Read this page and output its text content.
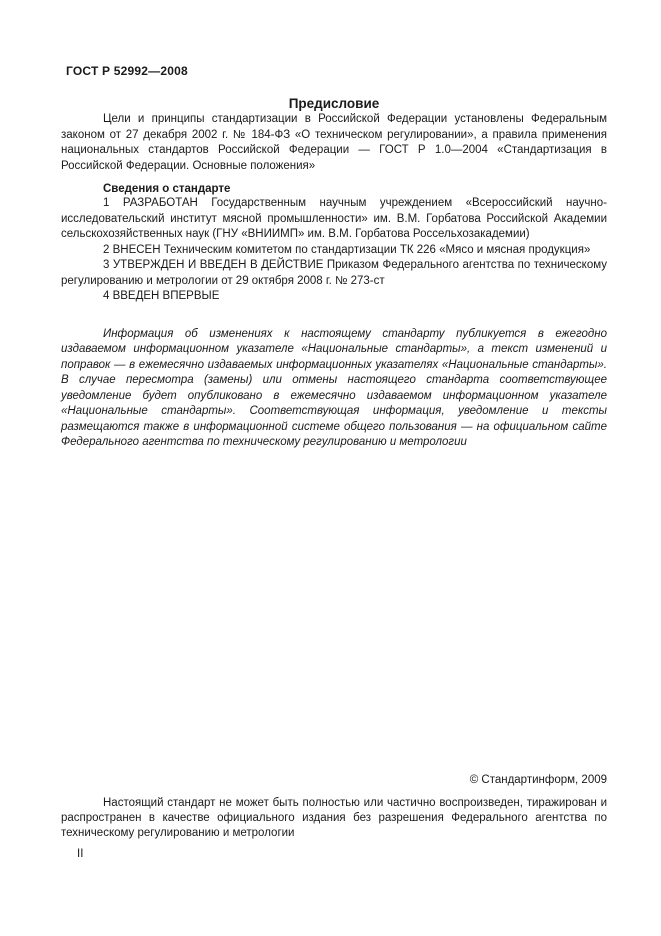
ГОСТ Р 52992—2008
Предисловие

Цели и принципы стандартизации в Российской Федерации установлены Федеральным законом от 27 декабря 2002 г. № 184-ФЗ «О техническом регулировании», а правила применения национальных стандартов Российской Федерации — ГОСТ Р 1.0—2004 «Стандартизация в Российской Федерации. Основные положения»

Сведения о стандарте

1 РАЗРАБОТАН Государственным научным учреждением «Всероссийский научно-исследовательский институт мясной промышленности» им. В.М. Горбатова Российской Академии сельскохозяйственных наук (ГНУ «ВНИИМП» им. В.М. Горбатова Россельхозакадемии)

2 ВНЕСЕН Техническим комитетом по стандартизации ТК 226 «Мясо и мясная продукция»

3 УТВЕРЖДЕН И ВВЕДЕН В ДЕЙСТВИЕ Приказом Федерального агентства по техническому регулированию и метрологии от 29 октября 2008 г. № 273-ст

4 ВВЕДЕН ВПЕРВЫЕ

Информация об изменениях к настоящему стандарту публикуется в ежегодно издаваемом информационном указателе «Национальные стандарты», а текст изменений и поправок — в ежемесячно издаваемых информационных указателях «Национальные стандарты». В случае пересмотра (замены) или отмены настоящего стандарта соответствующее уведомление будет опубликовано в ежемесячно издаваемом информационном указателе «Национальные стандарты». Соответствующая информация, уведомление и тексты размещаются также в информационной системе общего пользования — на официальном сайте Федерального агентства по техническому регулированию и метрологии

© Стандартинформ, 2009

Настоящий стандарт не может быть полностью или частично воспроизведен, тиражирован и распространен в качестве официального издания без разрешения Федерального агентства по техническому регулированию и метрологии

II
